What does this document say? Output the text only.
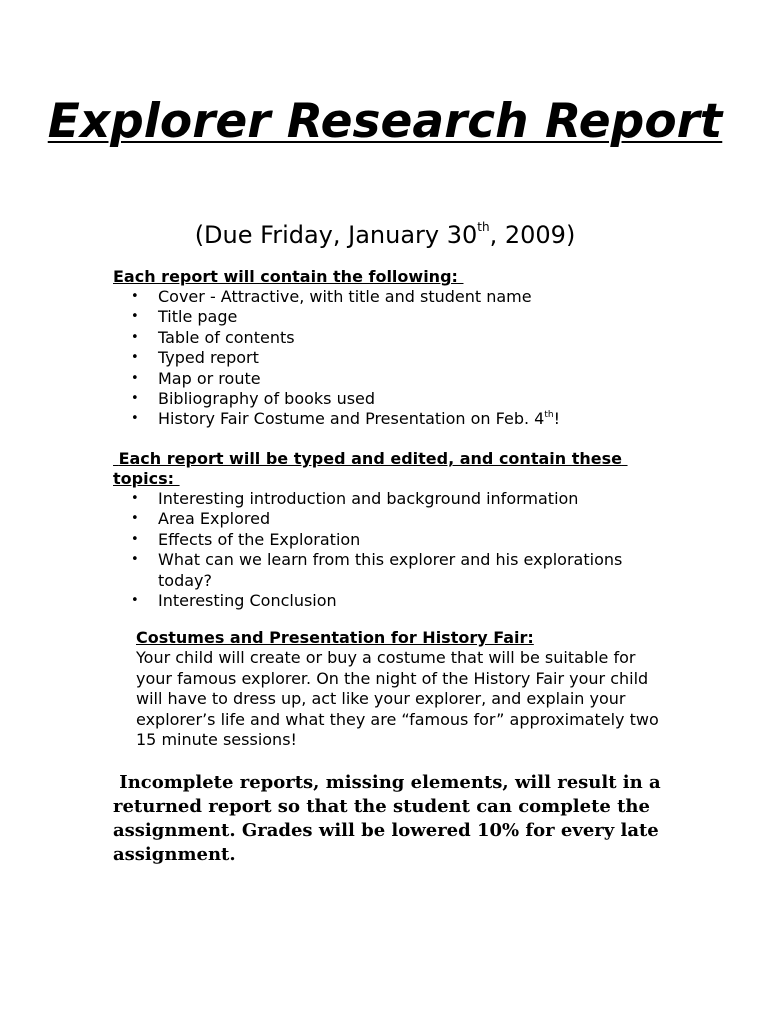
Explorer Research Report

(Due Friday, January 30th, 2009)

Each report will contain the following:

• Cover - Attractive, with title and student name
• Title page
• Table of contents
• Typed report
• Map or route
• Bibliography of books used
• History Fair Costume and Presentation on Feb. 4th!

Each report will be typed and edited, and contain these topics:

• Interesting introduction and background information
• Area Explored
• Effects of the Exploration
• What can we learn from this explorer and his explorations today?
• Interesting Conclusion

Costumes and Presentation for History Fair:

Your child will create or buy a costume that will be suitable for your famous explorer. On the night of the History Fair your child will have to dress up, act like your explorer, and explain your explorer’s life and what they are “famous for” approximately two 15 minute sessions!

Incomplete reports, missing elements, will result in a returned report so that the student can complete the assignment. Grades will be lowered 10% for every late assignment.
